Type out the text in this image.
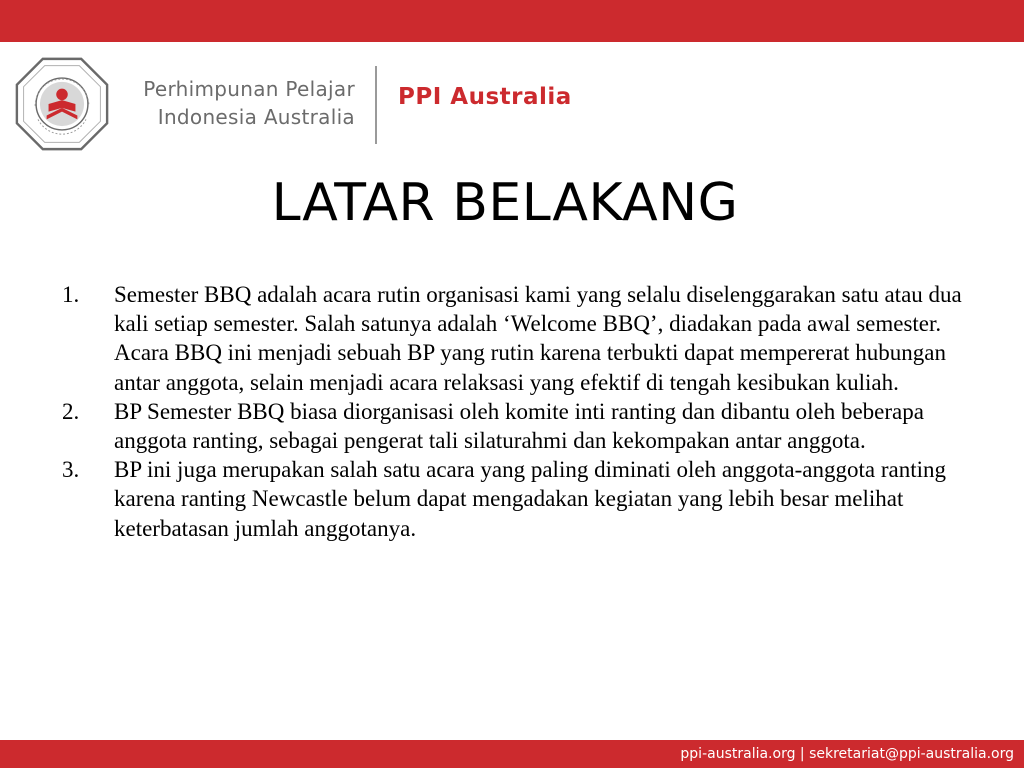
Perhimpunan Pelajar
Indonesia Australia
PPI Australia
LATAR BELAKANG
1.	Semester BBQ adalah acara rutin organisasi kami yang selalu diselenggarakan satu atau dua kali setiap semester. Salah satunya adalah ‘Welcome BBQ’, diadakan pada awal semester. Acara BBQ ini menjadi sebuah BP yang rutin karena terbukti dapat mempererat hubungan antar anggota, selain menjadi acara relaksasi yang efektif di tengah kesibukan kuliah.
2.	BP Semester BBQ biasa diorganisasi oleh komite inti ranting dan dibantu oleh beberapa anggota ranting, sebagai pengerat tali silaturahmi dan kekompakan antar anggota.
3.	BP ini juga merupakan salah satu acara yang paling diminati oleh anggota-anggota ranting karena ranting Newcastle belum dapat mengadakan kegiatan yang lebih besar melihat keterbatasan jumlah anggotanya.
ppi-australia.org | sekretariat@ppi-australia.org
